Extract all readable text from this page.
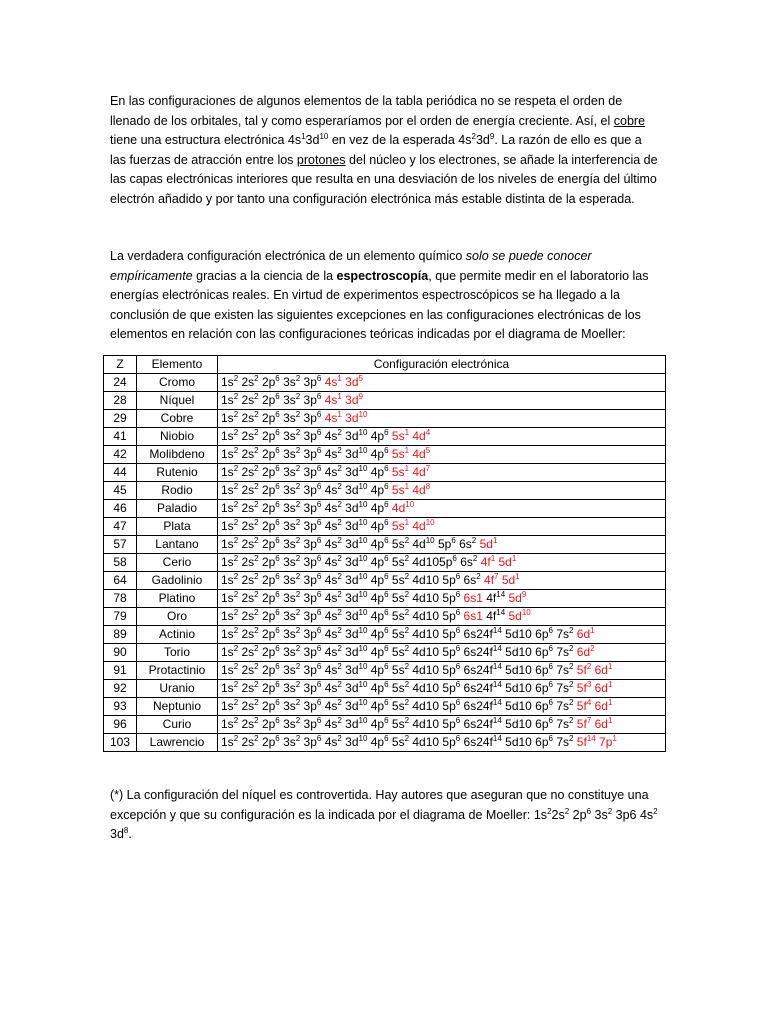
En las configuraciones de algunos elementos de la tabla periódica no se respeta el orden de llenado de los orbitales, tal y como esperaríamos por el orden de energía creciente. Así, el cobre tiene una estructura electrónica $4s^13d^{10}$ en vez de la esperada $4s^23d^9$. La razón de ello es que a las fuerzas de atracción entre los protones del núcleo y los electrones, se añade la interferencia de las capas electrónicas interiores que resulta en una desviación de los niveles de energía del último electrón añadido y por tanto una configuración electrónica más estable distinta de la esperada.

La verdadera configuración electrónica de un elemento químico solo se puede conocer empíricamente gracias a la ciencia de la espectroscopía, que permite medir en el laboratorio las energías electrónicas reales. En virtud de experimentos espectroscópicos se ha llegado a la conclusión de que existen las siguientes excepciones en las configuraciones electrónicas de los elementos en relación con las configuraciones teóricas indicadas por el diagrama de Moeller:

Z	Elemento	Configuración electrónica
24	Cromo	$1s^2$ $2s^2$ $2p^6$ $3s^2$ $3p^6$ $4s^1$ $3d^5$
28	Níquel	$1s^2$ $2s^2$ $2p^6$ $3s^2$ $3p^6$ $4s^1$ $3d^9$
29	Cobre	$1s^2$ $2s^2$ $2p^6$ $3s^2$ $3p^6$ $4s^1$ $3d^{10}$
41	Niobio	$1s^2$ $2s^2$ $2p^6$ $3s^2$ $3p^6$ $4s^2$ $3d^{10}$ $4p^6$ $5s^1$ $4d^4$
42	Molibdeno	$1s^2$ $2s^2$ $2p^6$ $3s^2$ $3p^6$ $4s^2$ $3d^{10}$ $4p^6$ $5s^1$ $4d^5$
44	Rutenio	$1s^2$ $2s^2$ $2p^6$ $3s^2$ $3p^6$ $4s^2$ $3d^{10}$ $4p^6$ $5s^1$ $4d^7$
45	Rodio	$1s^2$ $2s^2$ $2p^6$ $3s^2$ $3p^6$ $4s^2$ $3d^{10}$ $4p^6$ $5s^1$ $4d^8$
46	Paladio	$1s^2$ $2s^2$ $2p^6$ $3s^2$ $3p^6$ $4s^2$ $3d^{10}$ $4p^6$ $4d^{10}$
47	Plata	$1s^2$ $2s^2$ $2p^6$ $3s^2$ $3p^6$ $4s^2$ $3d^{10}$ $4p^6$ $5s^1$ $4d^{10}$
57	Lantano	$1s^2$ $2s^2$ $2p^6$ $3s^2$ $3p^6$ $4s^2$ $3d^{10}$ $4p^6$ $5s^2$ $4d^{10}$ $5p^6$ $6s^2$ $5d^1$
58	Cerio	$1s^2$ $2s^2$ $2p^6$ $3s^2$ $3p^6$ $4s^2$ $3d^{10}$ $4p^6$ $5s^2$ $4d105p^6$ $6s^2$ $4f^1$ $5d^1$
64	Gadolinio	$1s^2$ $2s^2$ $2p^6$ $3s^2$ $3p^6$ $4s^2$ $3d^{10}$ $4p^6$ $5s^2$ 4d10 $5p^6$ $6s^2$ $4f^7$ $5d^1$
78	Platino	$1s^2$ $2s^2$ $2p^6$ $3s^2$ $3p^6$ $4s^2$ $3d^{10}$ $4p^6$ $5s^2$ 4d10 $5p^6$ 6s1 $4f^{14}$ $5d^9$
79	Oro	$1s^2$ $2s^2$ $2p^6$ $3s^2$ $3p^6$ $4s^2$ $3d^{10}$ $4p^6$ $5s^2$ 4d10 $5p^6$ 6s1 $4f^{14}$ $5d^{10}$
89	Actinio	$1s^2$ $2s^2$ $2p^6$ $3s^2$ $3p^6$ $4s^2$ $3d^{10}$ $4p^6$ $5s^2$ 4d10 $5p^6$ $6s24f^{14}$ 5d10 $6p^6$ $7s^2$ $6d^1$
90	Torio	$1s^2$ $2s^2$ $2p^6$ $3s^2$ $3p^6$ $4s^2$ $3d^{10}$ $4p^6$ $5s^2$ 4d10 $5p^6$ $6s24f^{14}$ 5d10 $6p^6$ $7s^2$ $6d^2$
91	Protactinio	$1s^2$ $2s^2$ $2p^6$ $3s^2$ $3p^6$ $4s^2$ $3d^{10}$ $4p^6$ $5s^2$ 4d10 $5p^6$ $6s24f^{14}$ 5d10 $6p^6$ $7s^2$ $5f^2$ $6d^1$
92	Uranio	$1s^2$ $2s^2$ $2p^6$ $3s^2$ $3p^6$ $4s^2$ $3d^{10}$ $4p^6$ $5s^2$ 4d10 $5p^6$ $6s24f^{14}$ 5d10 $6p^6$ $7s^2$ $5f^3$ $6d^1$
93	Neptunio	$1s^2$ $2s^2$ $2p^6$ $3s^2$ $3p^6$ $4s^2$ $3d^{10}$ $4p^6$ $5s^2$ 4d10 $5p^6$ $6s24f^{14}$ 5d10 $6p^6$ $7s^2$ $5f^4$ $6d^1$
96	Curio	$1s^2$ $2s^2$ $2p^6$ $3s^2$ $3p^6$ $4s^2$ $3d^{10}$ $4p^6$ $5s^2$ 4d10 $5p^6$ $6s24f^{14}$ 5d10 $6p^6$ $7s^2$ $5f^7$ $6d^1$
103	Lawrencio	$1s^2$ $2s^2$ $2p^6$ $3s^2$ $3p^6$ $4s^2$ $3d^{10}$ $4p^6$ $5s^2$ 4d10 $5p^6$ $6s24f^{14}$ 5d10 $6p^6$ $7s^2$ $5f^{14}$ $7p^1$

(*) La configuración del níquel es controvertida. Hay autores que aseguran que no constituye una excepción y que su configuración es la indicada por el diagrama de Moeller: $1s^22s^2$ $2p^6$ $3s^2$ 3p6 $4s^2$ $3d^8$.
